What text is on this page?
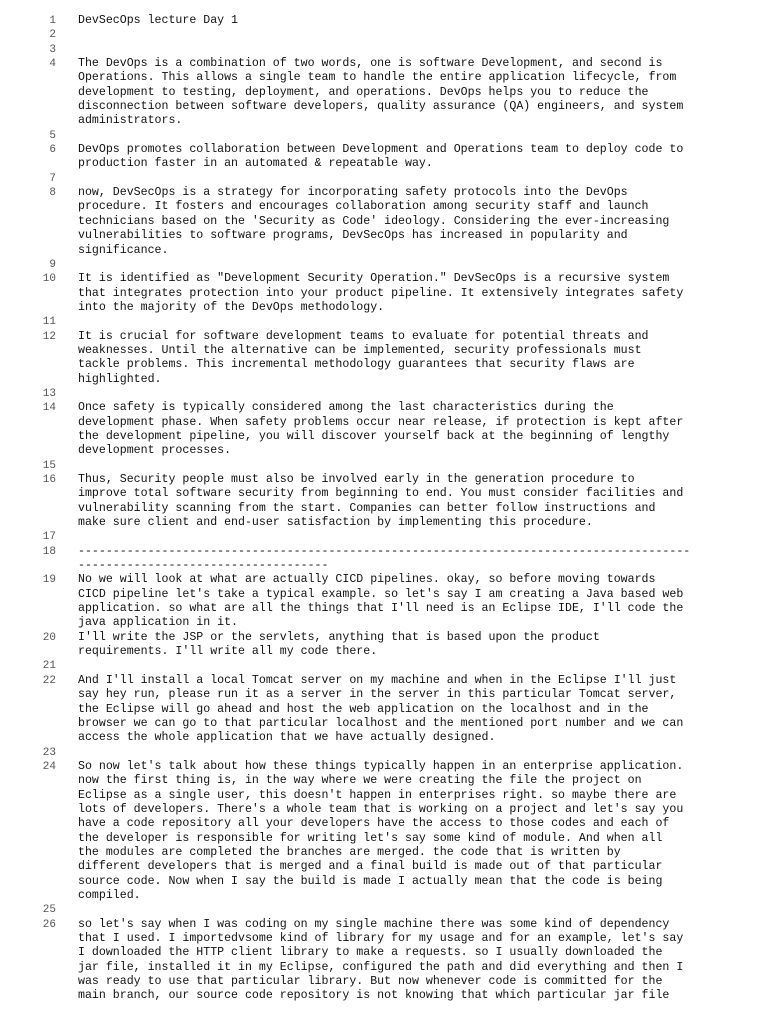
1 DevSecOps lecture Day 1
2
3
4 The DevOps is a combination of two words, one is software Development, and second is
Operations. This allows a single team to handle the entire application lifecycle, from
development to testing, deployment, and operations. DevOps helps you to reduce the
disconnection between software developers, quality assurance (QA) engineers, and system
administrators.
5
6 DevOps promotes collaboration between Development and Operations team to deploy code to
production faster in an automated & repeatable way.
7
8 now, DevSecOps is a strategy for incorporating safety protocols into the DevOps
procedure. It fosters and encourages collaboration among security staff and launch
technicians based on the 'Security as Code' ideology. Considering the ever-increasing
vulnerabilities to software programs, DevSecOps has increased in popularity and
significance.
9
10 It is identified as "Development Security Operation." DevSecOps is a recursive system
that integrates protection into your product pipeline. It extensively integrates safety
into the majority of the DevOps methodology.
11
12 It is crucial for software development teams to evaluate for potential threats and
weaknesses. Until the alternative can be implemented, security professionals must
tackle problems. This incremental methodology guarantees that security flaws are
highlighted.
13
14 Once safety is typically considered among the last characteristics during the
development phase. When safety problems occur near release, if protection is kept after
the development pipeline, you will discover yourself back at the beginning of lengthy
development processes.
15
16 Thus, Security people must also be involved early in the generation procedure to
improve total software security from beginning to end. You must consider facilities and
vulnerability scanning from the start. Companies can better follow instructions and
make sure client and end-user satisfaction by implementing this procedure.
17
18 ----------------------------------------------------------------------------------------
------------------------------------
19 No we will look at what are actually CICD pipelines. okay, so before moving towards
CICD pipeline let's take a typical example. so let's say I am creating a Java based web
application. so what are all the things that I'll need is an Eclipse IDE, I'll code the
java application in it.
20 I'll write the JSP or the servlets, anything that is based upon the product
requirements. I'll write all my code there.
21
22 And I'll install a local Tomcat server on my machine and when in the Eclipse I'll just
say hey run, please run it as a server in the server in this particular Tomcat server,
the Eclipse will go ahead and host the web application on the localhost and in the
browser we can go to that particular localhost and the mentioned port number and we can
access the whole application that we have actually designed.
23
24 So now let's talk about how these things typically happen in an enterprise application.
now the first thing is, in the way where we were creating the file the project on
Eclipse as a single user, this doesn't happen in enterprises right. so maybe there are
lots of developers. There's a whole team that is working on a project and let's say you
have a code repository all your developers have the access to those codes and each of
the developer is responsible for writing let's say some kind of module. And when all
the modules are completed the branches are merged. the code that is written by
different developers that is merged and a final build is made out of that particular
source code. Now when I say the build is made I actually mean that the code is being
compiled.
25
26 so let's say when I was coding on my single machine there was some kind of dependency
that I used. I importedvsome kind of library for my usage and for an example, let's say
I downloaded the HTTP client library to make a requests. so I usually downloaded the
jar file, installed it in my Eclipse, configured the path and did everything and then I
was ready to use that particular library. But now whenever code is committed for the
main branch, our source code repository is not knowing that which particular jar file
